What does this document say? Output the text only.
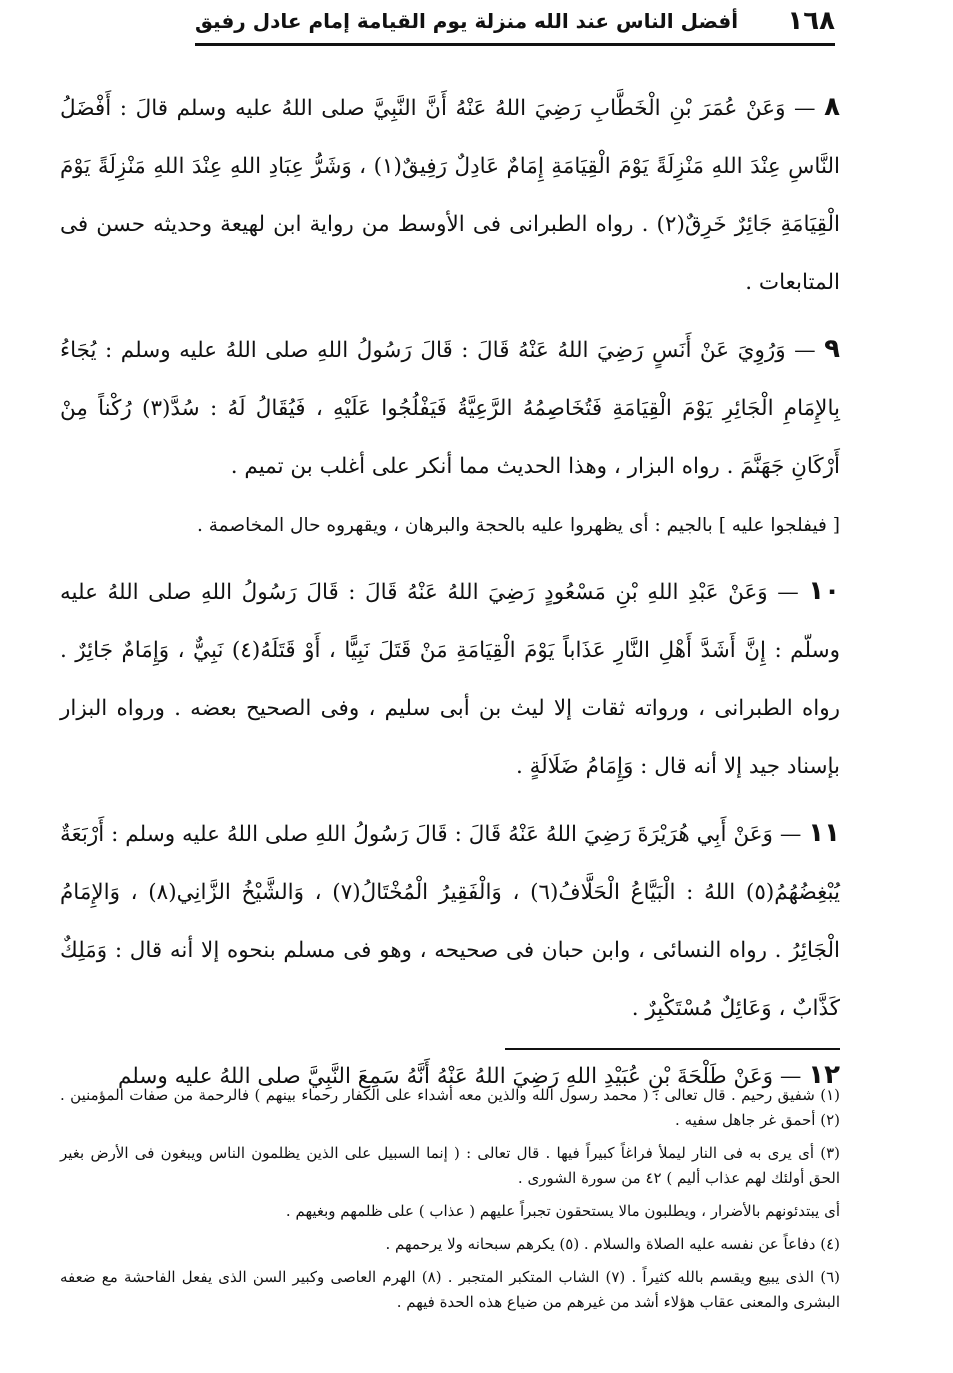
١٦٨
أفضل الناس عند الله منزلة يوم القيامة إمام عادل رفيق

٨ — وَعَنْ عُمَرَ بْنِ الْخَطَّابِ رَضِيَ اللهُ عَنْهُ أَنَّ النَّبِيَّ صلى اللهُ عليه وسلم قالَ : أَفْضَلُ النَّاسِ عِنْدَ اللهِ مَنْزِلَةً يَوْمَ الْقِيَامَةِ إِمَامٌ عَادِلٌ رَفِيقٌ(١) ، وَشَرُّ عِبَادِ اللهِ عِنْدَ اللهِ مَنْزِلَةً يَوْمَ الْقِيَامَةِ جَائِرٌ خَرِقٌ(٢) . رواه الطبرانى فى الأوسط من رواية ابن لهيعة وحديثه حسن فى المتابعات .

٩ — وَرُوِيَ عَنْ أَنَسٍ رَضِيَ اللهُ عَنْهُ قَالَ : قَالَ رَسُولُ اللهِ صلى اللهُ عليه وسلم : يُجَاءُ بِالإِمَامِ الْجَائِرِ يَوْمَ الْقِيَامَةِ فَتُخَاصِمُهُ الرَّعِيَّةُ فَيَفْلُجُوا عَلَيْهِ ، فَيُقَالُ لَهُ : سُدَّ(٣) رُكْناً مِنْ أَرْكَانِ جَهَنَّمَ . رواه البزار ، وهذا الحديث مما أنكر على أغلب بن تميم .

[ فيفلجوا عليه ] بالجيم : أى يظهروا عليه بالحجة والبرهان ، ويقهروه حال المخاصمة .

١٠ — وَعَنْ عَبْدِ اللهِ بْنِ مَسْعُودٍ رَضِيَ اللهُ عَنْهُ قَالَ : قَالَ رَسُولُ اللهِ صلى اللهُ عليه وسلّم : إِنَّ أَشَدَّ أَهْلِ النَّارِ عَذَاباً يَوْمَ الْقِيَامَةِ مَنْ قَتَلَ نَبِيًّا ، أَوْ قَتَلَهُ(٤) نَبِيٌّ ، وَإِمَامٌ جَائِرٌ . رواه الطبرانى ، ورواته ثقات إلا ليث بن أبى سليم ، وفى الصحيح بعضه . ورواه البزار بإسناد جيد إلا أنه قال : وَإِمَامُ ضَلَالَةٍ .

١١ — وَعَنْ أَبِي هُرَيْرَةَ رَضِيَ اللهُ عَنْهُ قَالَ : قَالَ رَسُولُ اللهِ صلى اللهُ عليه وسلم : أَرْبَعَةٌ يُبْغِضُهُمُ(٥) اللهُ : الْبَيَّاعُ الْحَلَّافُ(٦) ، وَالْفَقِيرُ الْمُخْتَالُ(٧) ، وَالشَّيْخُ الزَّانِي(٨) ، وَالإِمَامُ الْجَائِرُ . رواه النسائى ، وابن حبان فى صحيحه ، وهو فى مسلم بنحوه إلا أنه قال : وَمَلِكٌ كَذَّابٌ ، وَعَائِلٌ مُسْتَكْبِرٌ .

١٢ — وَعَنْ طَلْحَةَ بْنِ عُبَيْدِ اللهِ رَضِيَ اللهُ عَنْهُ أَنَّهُ سَمِعَ النَّبِيَّ صلى اللهُ عليه وسلم

(١) شفيق رحيم . قال تعالى : ( محمد رسول الله والذين معه أشداء على الكفار رحماء بينهم ) فالرحمة من صفات المؤمنين . (٢) أحمق غر جاهل سفيه .

(٣) أى يرى به فى النار ليملأ فراغاً كبيراً فيها . قال تعالى : ( إنما السبيل على الذين يظلمون الناس ويبغون فى الأرض بغير الحق أولئك لهم عذاب أليم ) ٤٢ من سورة الشورى .

أى يبتدئونهم بالأضرار ، ويطلبون مالا يستحقون تجبراً عليهم ( عذاب ) على ظلمهم وبغيهم .

(٤) دفاعاً عن نفسه عليه الصلاة والسلام . (٥) يكرهم سبحانه ولا يرحمهم .

(٦) الذى يبيع ويقسم بالله كثيراً . (٧) الشاب المتكبر المتجبر . (٨) الهرم العاصى وكبير السن الذى يفعل الفاحشة مع ضعفه البشرى والمعنى عقاب هؤلاء أشد من غيرهم من ضياع هذه الحدة فيهم .
